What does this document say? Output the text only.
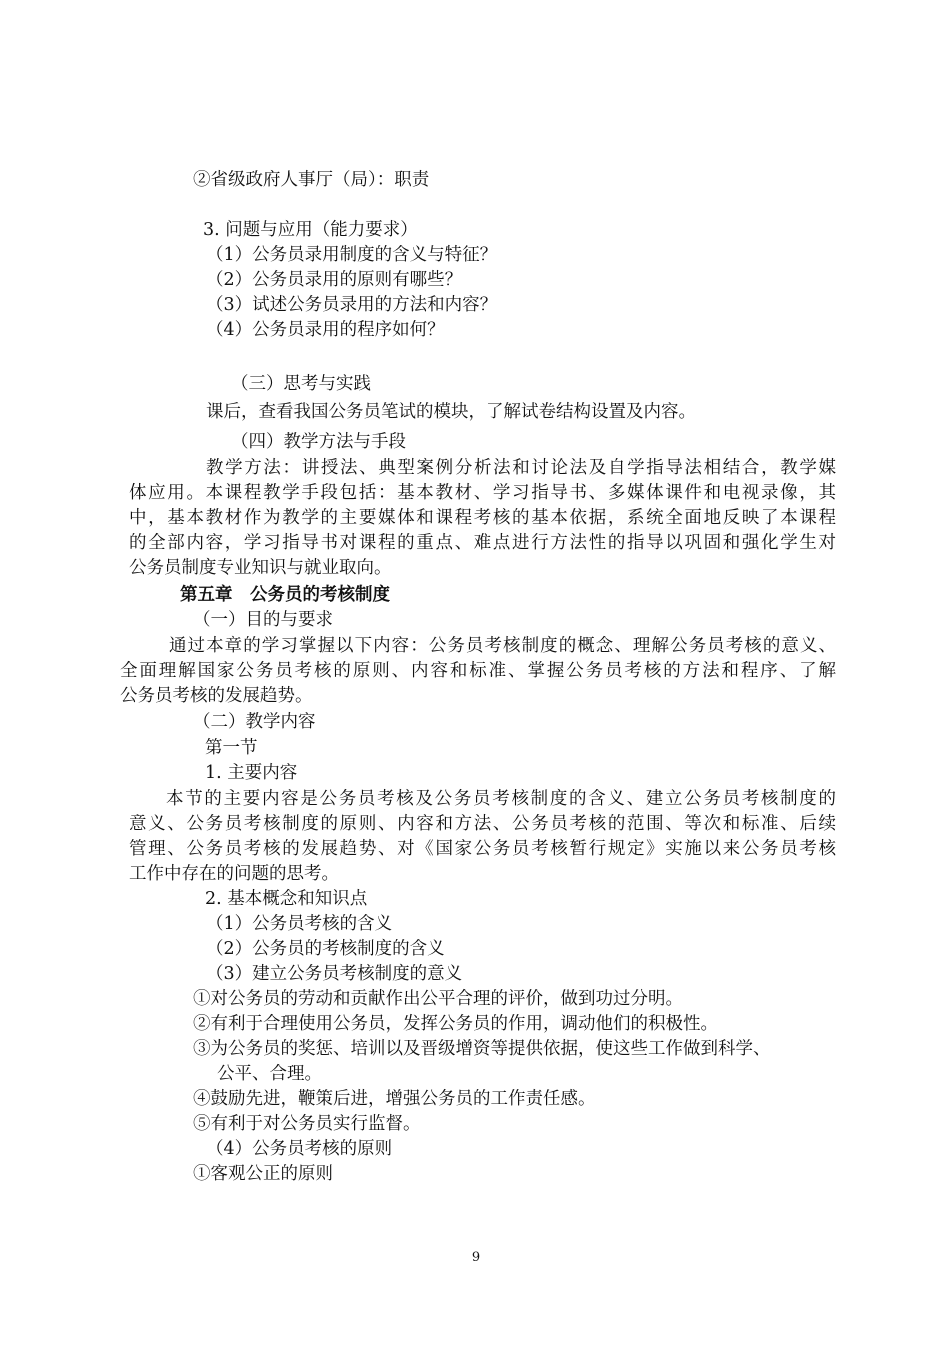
②省级政府人事厅（局）：职责
3. 问题与应用（能力要求）
（1）公务员录用制度的含义与特征？
（2）公务员录用的原则有哪些？
（3）试述公务员录用的方法和内容？
（4）公务员录用的程序如何？
（三）思考与实践
课后，查看我国公务员笔试的模块，了解试卷结构设置及内容。
（四）教学方法与手段
教学方法：讲授法、典型案例分析法和讨论法及自学指导法相结合，教学媒
体应用。本课程教学手段包括：基本教材、学习指导书、多媒体课件和电视录像，其
中，基本教材作为教学的主要媒体和课程考核的基本依据，系统全面地反映了本课程
的全部内容，学习指导书对课程的重点、难点进行方法性的指导以巩固和强化学生对
公务员制度专业知识与就业取向。
第五章　公务员的考核制度
（一）目的与要求
通过本章的学习掌握以下内容：公务员考核制度的概念、理解公务员考核的意义、
全面理解国家公务员考核的原则、内容和标准、掌握公务员考核的方法和程序、了解
公务员考核的发展趋势。
（二）教学内容
第一节
1. 主要内容
本节的主要内容是公务员考核及公务员考核制度的含义、建立公务员考核制度的
意义、公务员考核制度的原则、内容和方法、公务员考核的范围、等次和标准、后续
管理、公务员考核的发展趋势、对《国家公务员考核暂行规定》实施以来公务员考核
工作中存在的问题的思考。
2. 基本概念和知识点
（1）公务员考核的含义
（2）公务员的考核制度的含义
（3）建立公务员考核制度的意义
①对公务员的劳动和贡献作出公平合理的评价，做到功过分明。
②有利于合理使用公务员，发挥公务员的作用，调动他们的积极性。
③为公务员的奖惩、培训以及晋级增资等提供依据，使这些工作做到科学、
公平、合理。
④鼓励先进，鞭策后进，增强公务员的工作责任感。
⑤有利于对公务员实行监督。
（4）公务员考核的原则
①客观公正的原则
9
